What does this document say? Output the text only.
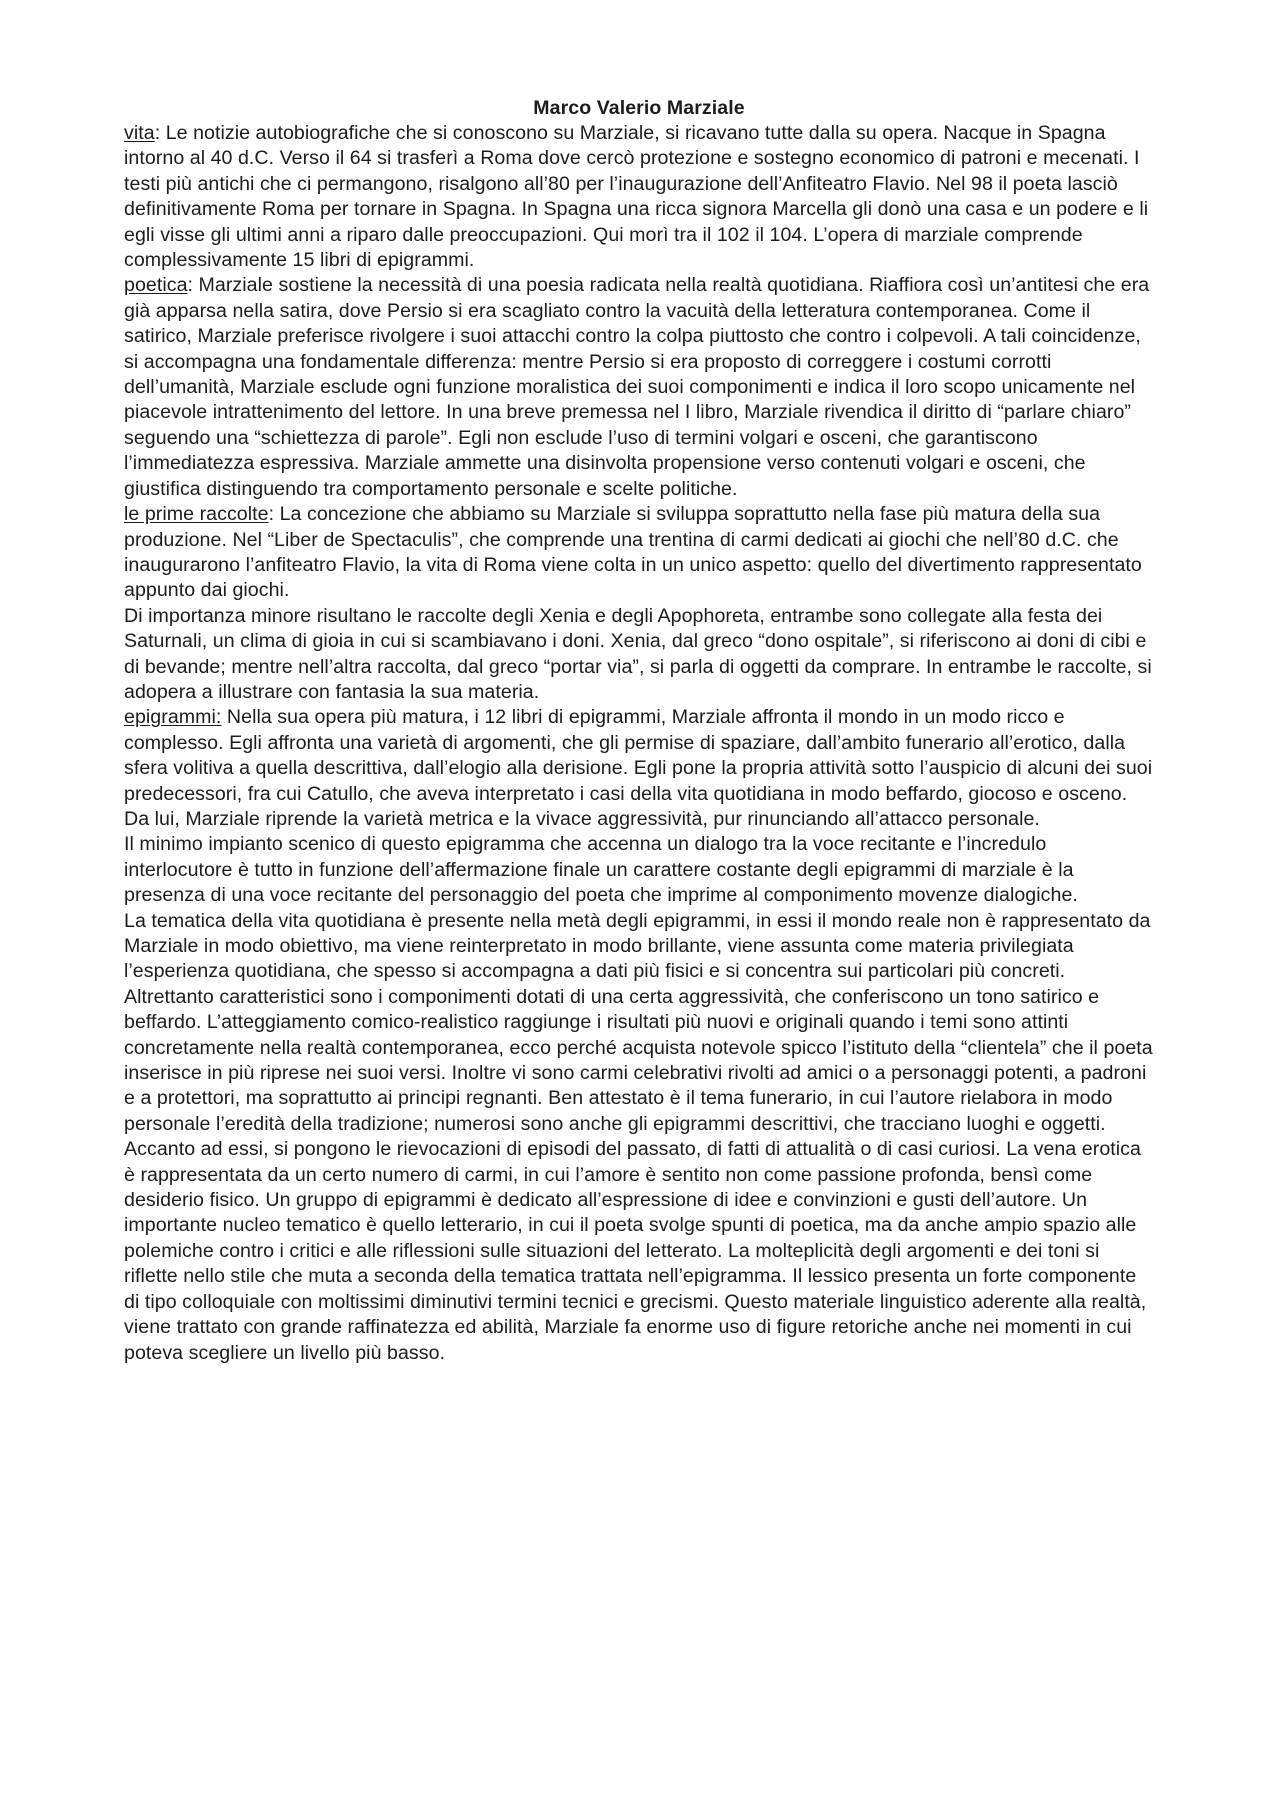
Marco Valerio Marziale

vita: Le notizie autobiografiche che si conoscono su Marziale, si ricavano tutte dalla su opera. Nacque in Spagna intorno al 40 d.C. Verso il 64 si trasferì a Roma dove cercò protezione e sostegno economico di patroni e mecenati. I testi più antichi che ci permangono, risalgono all’80 per l’inaugurazione dell’Anfiteatro Flavio. Nel 98 il poeta lasciò definitivamente Roma per tornare in Spagna. In Spagna una ricca signora Marcella gli donò una casa e un podere e li egli visse gli ultimi anni a riparo dalle preoccupazioni. Qui morì tra il 102 il 104. L’opera di marziale comprende complessivamente 15 libri di epigrammi.

poetica: Marziale sostiene la necessità di una poesia radicata nella realtà quotidiana. Riaffiora così un’antitesi che era già apparsa nella satira, dove Persio si era scagliato contro la vacuità della letteratura contemporanea. Come il satirico, Marziale preferisce rivolgere i suoi attacchi contro la colpa piuttosto che contro i colpevoli. A tali coincidenze, si accompagna una fondamentale differenza: mentre Persio si era proposto di correggere i costumi corrotti dell’umanità, Marziale esclude ogni funzione moralistica dei suoi componimenti e indica il loro scopo unicamente nel piacevole intrattenimento del lettore. In una breve premessa nel I libro, Marziale rivendica il diritto di “parlare chiaro” seguendo una “schiettezza di parole”. Egli non esclude l’uso di termini volgari e osceni, che garantiscono l’immediatezza espressiva. Marziale ammette una disinvolta propensione verso contenuti volgari e osceni, che giustifica distinguendo tra comportamento personale e scelte politiche.

le prime raccolte: La concezione che abbiamo su Marziale si sviluppa soprattutto nella fase più matura della sua produzione. Nel “Liber de Spectaculis”, che comprende una trentina di carmi dedicati ai giochi che nell’80 d.C. che inaugurarono l’anfiteatro Flavio, la vita di Roma viene colta in un unico aspetto: quello del divertimento rappresentato appunto dai giochi.

Di importanza minore risultano le raccolte degli Xenia e degli Apophoreta, entrambe sono collegate alla festa dei Saturnali, un clima di gioia in cui si scambiavano i doni. Xenia, dal greco “dono ospitale”, si riferiscono ai doni di cibi e di bevande; mentre nell’altra raccolta, dal greco “portar via”, si parla di oggetti da comprare. In entrambe le raccolte, si adopera a illustrare con fantasia la sua materia.

epigrammi: Nella sua opera più matura, i 12 libri di epigrammi, Marziale affronta il mondo in un modo ricco e complesso. Egli affronta una varietà di argomenti, che gli permise di spaziare, dall’ambito funerario all’erotico, dalla sfera volitiva a quella descrittiva, dall’elogio alla derisione. Egli pone la propria attività sotto l’auspicio di alcuni dei suoi predecessori, fra cui Catullo, che aveva interpretato i casi della vita quotidiana in modo beffardo, giocoso e osceno. Da lui, Marziale riprende la varietà metrica e la vivace aggressività, pur rinunciando all’attacco personale.

Il minimo impianto scenico di questo epigramma che accenna un dialogo tra la voce recitante e l’incredulo interlocutore è tutto in funzione dell’affermazione finale un carattere costante degli epigrammi di marziale è la presenza di una voce recitante del personaggio del poeta che imprime al componimento movenze dialogiche.

La tematica della vita quotidiana è presente nella metà degli epigrammi, in essi il mondo reale non è rappresentato da Marziale in modo obiettivo, ma viene reinterpretato in modo brillante, viene assunta come materia privilegiata l’esperienza quotidiana, che spesso si accompagna a dati più fisici e si concentra sui particolari più concreti. Altrettanto caratteristici sono i componimenti dotati di una certa aggressività, che conferiscono un tono satirico e beffardo. L’atteggiamento comico-realistico raggiunge i risultati più nuovi e originali quando i temi sono attinti concretamente nella realtà contemporanea, ecco perché acquista notevole spicco l’istituto della “clientela” che il poeta inserisce in più riprese nei suoi versi. Inoltre vi sono carmi celebrativi rivolti ad amici o a personaggi potenti, a padroni e a protettori, ma soprattutto ai principi regnanti. Ben attestato è il tema funerario, in cui l’autore rielabora in modo personale l’eredità della tradizione; numerosi sono anche gli epigrammi descrittivi, che tracciano luoghi e oggetti. Accanto ad essi, si pongono le rievocazioni di episodi del passato, di fatti di attualità o di casi curiosi. La vena erotica è rappresentata da un certo numero di carmi, in cui l’amore è sentito non come passione profonda, bensì come desiderio fisico. Un gruppo di epigrammi è dedicato all’espressione di idee e convinzioni e gusti dell’autore. Un importante nucleo tematico è quello letterario, in cui il poeta svolge spunti di poetica, ma da anche ampio spazio alle polemiche contro i critici e alle riflessioni sulle situazioni del letterato. La molteplicità degli argomenti e dei toni si riflette nello stile che muta a seconda della tematica trattata nell’epigramma. Il lessico presenta un forte componente di tipo colloquiale con moltissimi diminutivi termini tecnici e grecismi. Questo materiale linguistico aderente alla realtà, viene trattato con grande raffinatezza ed abilità, Marziale fa enorme uso di figure retoriche anche nei momenti in cui poteva scegliere un livello più basso.
